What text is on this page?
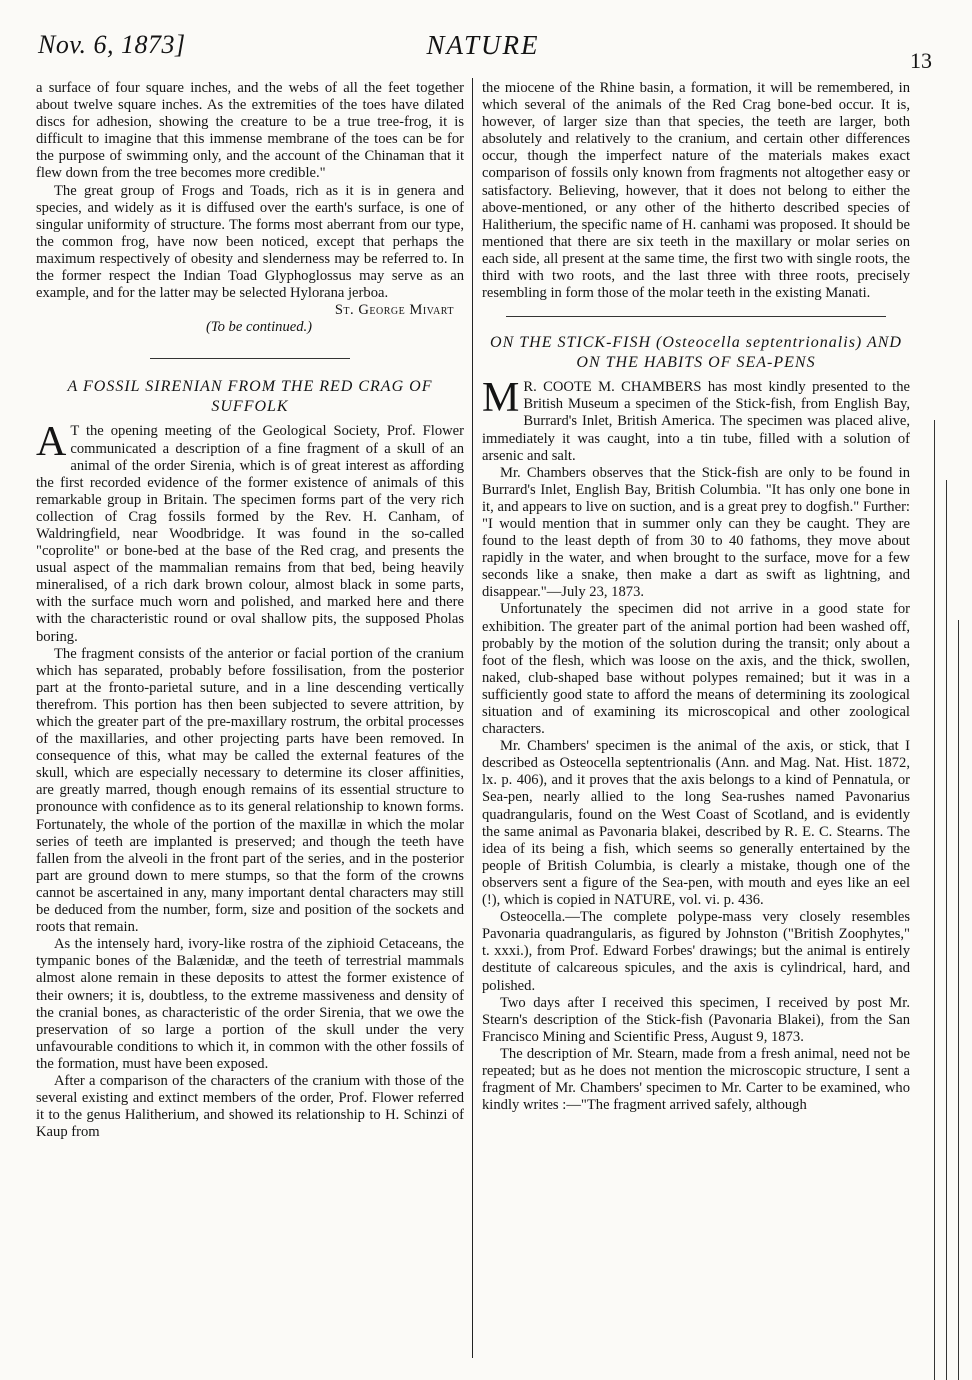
Nov. 6, 1873]	NATURE
13

a surface of four square inches, and the webs of all the feet together about twelve square inches. As the extremities of the toes have dilated discs for adhesion, showing the creature to be a true tree-frog, it is difficult to imagine that this immense membrane of the toes can be for the purpose of swimming only, and the account of the Chinaman that it flew down from the tree becomes more credible."

The great group of Frogs and Toads, rich as it is in genera and species, and widely as it is diffused over the earth's surface, is one of singular uniformity of structure. The forms most aberrant from our type, the common frog, have now been noticed, except that perhaps the maximum respectively of obesity and slenderness may be referred to. In the former respect the Indian Toad Glyphoglossus may serve as an example, and for the latter may be selected Hylorana jerboa.

St. George Mivart

(To be continued.)

A FOSSIL SIRENIAN FROM THE RED CRAG OF SUFFOLK

A T the opening meeting of the Geological Society, Prof. Flower communicated a description of a fine fragment of a skull of an animal of the order Sirenia, which is of great interest as affording the first recorded evidence of the former existence of animals of this remarkable group in Britain. The specimen forms part of the very rich collection of Crag fossils formed by the Rev. H. Canham, of Waldringfield, near Woodbridge. It was found in the so-called "coprolite" or bone-bed at the base of the Red crag, and presents the usual aspect of the mammalian remains from that bed, being heavily mineralised, of a rich dark brown colour, almost black in some parts, with the surface much worn and polished, and marked here and there with the characteristic round or oval shallow pits, the supposed Pholas boring.

The fragment consists of the anterior or facial portion of the cranium which has separated, probably before fossilisation, from the posterior part at the fronto-parietal suture, and in a line descending vertically therefrom. This portion has then been subjected to severe attrition, by which the greater part of the pre-maxillary rostrum, the orbital processes of the maxillaries, and other projecting parts have been removed. In consequence of this, what may be called the external features of the skull, which are especially necessary to determine its closer affinities, are greatly marred, though enough remains of its essential structure to pronounce with confidence as to its general relationship to known forms. Fortunately, the whole of the portion of the maxillæ in which the molar series of teeth are implanted is preserved; and though the teeth have fallen from the alveoli in the front part of the series, and in the posterior part are ground down to mere stumps, so that the form of the crowns cannot be ascertained in any, many important dental characters may still be deduced from the number, form, size and position of the sockets and roots that remain.

As the intensely hard, ivory-like rostra of the ziphioid Cetaceans, the tympanic bones of the Balænidæ, and the teeth of terrestrial mammals almost alone remain in these deposits to attest the former existence of their owners; it is, doubtless, to the extreme massiveness and density of the cranial bones, as characteristic of the order Sirenia, that we owe the preservation of so large a portion of the skull under the very unfavourable conditions to which it, in common with the other fossils of the formation, must have been exposed.

After a comparison of the characters of the cranium with those of the several existing and extinct members of the order, Prof. Flower referred it to the genus Halitherium, and showed its relationship to H. Schinzi of Kaup from

the miocene of the Rhine basin, a formation, it will be remembered, in which several of the animals of the Red Crag bone-bed occur. It is, however, of larger size than that species, the teeth are larger, both absolutely and relatively to the cranium, and certain other differences occur, though the imperfect nature of the materials makes exact comparison of fossils only known from fragments not altogether easy or satisfactory. Believing, however, that it does not belong to either the above-mentioned, or any other of the hitherto described species of Halitherium, the specific name of H. canhami was proposed. It should be mentioned that there are six teeth in the maxillary or molar series on each side, all present at the same time, the first two with single roots, the third with two roots, and the last three with three roots, precisely resembling in form those of the molar teeth in the existing Manati.

ON THE STICK-FISH (Osteocella septentrionalis) AND ON THE HABITS OF SEA-PENS

M R. COOTE M. CHAMBERS has most kindly presented to the British Museum a specimen of the Stick-fish, from English Bay, Burrard's Inlet, British America. The specimen was placed alive, immediately it was caught, into a tin tube, filled with a solution of arsenic and salt.

Mr. Chambers observes that the Stick-fish are only to be found in Burrard's Inlet, English Bay, British Columbia. "It has only one bone in it, and appears to live on suction, and is a great prey to dogfish." Further: "I would mention that in summer only can they be caught. They are found to the least depth of from 30 to 40 fathoms, they move about rapidly in the water, and when brought to the surface, move for a few seconds like a snake, then make a dart as swift as lightning, and disappear."—July 23, 1873.

Unfortunately the specimen did not arrive in a good state for exhibition. The greater part of the animal portion had been washed off, probably by the motion of the solution during the transit; only about a foot of the flesh, which was loose on the axis, and the thick, swollen, naked, club-shaped base without polypes remained; but it was in a sufficiently good state to afford the means of determining its zoological situation and of examining its microscopical and other zoological characters.

Mr. Chambers' specimen is the animal of the axis, or stick, that I described as Osteocella septentrionalis (Ann. and Mag. Nat. Hist. 1872, lx. p. 406), and it proves that the axis belongs to a kind of Pennatula, or Sea-pen, nearly allied to the long Sea-rushes named Pavonarius quadrangularis, found on the West Coast of Scotland, and is evidently the same animal as Pavonaria blakei, described by R. E. C. Stearns. The idea of its being a fish, which seems so generally entertained by the people of British Columbia, is clearly a mistake, though one of the observers sent a figure of the Sea-pen, with mouth and eyes like an eel (!), which is copied in NATURE, vol. vi. p. 436.

Osteocella.—The complete polype-mass very closely resembles Pavonaria quadrangularis, as figured by Johnston ("British Zoophytes," t. xxxi.), from Prof. Edward Forbes' drawings; but the animal is entirely destitute of calcareous spicules, and the axis is cylindrical, hard, and polished.

Two days after I received this specimen, I received by post Mr. Stearn's description of the Stick-fish (Pavonaria Blakei), from the San Francisco Mining and Scientific Press, August 9, 1873.

The description of Mr. Stearn, made from a fresh animal, need not be repeated; but as he does not mention the microscopic structure, I sent a fragment of Mr. Chambers' specimen to Mr. Carter to be examined, who kindly writes :—"The fragment arrived safely, although
